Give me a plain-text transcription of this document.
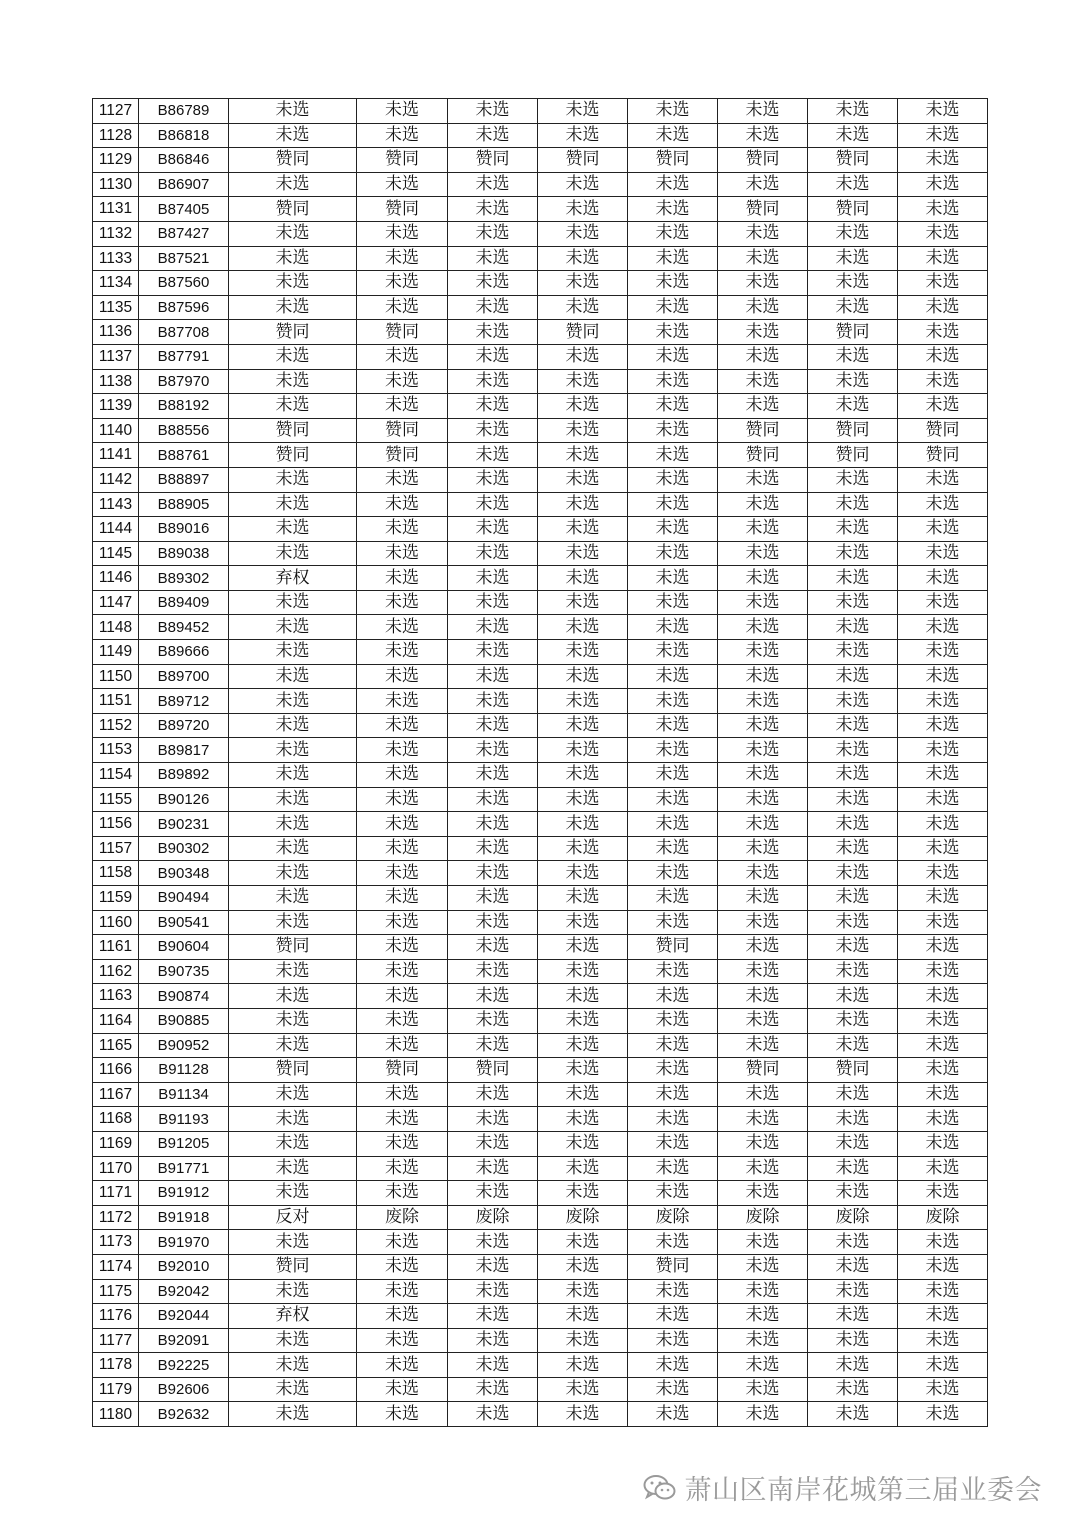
1127	B86789	未选	未选	未选	未选	未选	未选	未选	未选
1128	B86818	未选	未选	未选	未选	未选	未选	未选	未选
1129	B86846	赞同	赞同	赞同	赞同	赞同	赞同	赞同	未选
1130	B86907	未选	未选	未选	未选	未选	未选	未选	未选
1131	B87405	赞同	赞同	未选	未选	未选	赞同	赞同	未选
1132	B87427	未选	未选	未选	未选	未选	未选	未选	未选
1133	B87521	未选	未选	未选	未选	未选	未选	未选	未选
1134	B87560	未选	未选	未选	未选	未选	未选	未选	未选
1135	B87596	未选	未选	未选	未选	未选	未选	未选	未选
1136	B87708	赞同	赞同	未选	赞同	未选	未选	赞同	未选
1137	B87791	未选	未选	未选	未选	未选	未选	未选	未选
1138	B87970	未选	未选	未选	未选	未选	未选	未选	未选
1139	B88192	未选	未选	未选	未选	未选	未选	未选	未选
1140	B88556	赞同	赞同	未选	未选	未选	赞同	赞同	赞同
1141	B88761	赞同	赞同	未选	未选	未选	赞同	赞同	赞同
1142	B88897	未选	未选	未选	未选	未选	未选	未选	未选
1143	B88905	未选	未选	未选	未选	未选	未选	未选	未选
1144	B89016	未选	未选	未选	未选	未选	未选	未选	未选
1145	B89038	未选	未选	未选	未选	未选	未选	未选	未选
1146	B89302	弃权	未选	未选	未选	未选	未选	未选	未选
1147	B89409	未选	未选	未选	未选	未选	未选	未选	未选
1148	B89452	未选	未选	未选	未选	未选	未选	未选	未选
1149	B89666	未选	未选	未选	未选	未选	未选	未选	未选
1150	B89700	未选	未选	未选	未选	未选	未选	未选	未选
1151	B89712	未选	未选	未选	未选	未选	未选	未选	未选
1152	B89720	未选	未选	未选	未选	未选	未选	未选	未选
1153	B89817	未选	未选	未选	未选	未选	未选	未选	未选
1154	B89892	未选	未选	未选	未选	未选	未选	未选	未选
1155	B90126	未选	未选	未选	未选	未选	未选	未选	未选
1156	B90231	未选	未选	未选	未选	未选	未选	未选	未选
1157	B90302	未选	未选	未选	未选	未选	未选	未选	未选
1158	B90348	未选	未选	未选	未选	未选	未选	未选	未选
1159	B90494	未选	未选	未选	未选	未选	未选	未选	未选
1160	B90541	未选	未选	未选	未选	未选	未选	未选	未选
1161	B90604	赞同	未选	未选	未选	赞同	未选	未选	未选
1162	B90735	未选	未选	未选	未选	未选	未选	未选	未选
1163	B90874	未选	未选	未选	未选	未选	未选	未选	未选
1164	B90885	未选	未选	未选	未选	未选	未选	未选	未选
1165	B90952	未选	未选	未选	未选	未选	未选	未选	未选
1166	B91128	赞同	赞同	赞同	未选	未选	赞同	赞同	未选
1167	B91134	未选	未选	未选	未选	未选	未选	未选	未选
1168	B91193	未选	未选	未选	未选	未选	未选	未选	未选
1169	B91205	未选	未选	未选	未选	未选	未选	未选	未选
1170	B91771	未选	未选	未选	未选	未选	未选	未选	未选
1171	B91912	未选	未选	未选	未选	未选	未选	未选	未选
1172	B91918	反对	废除	废除	废除	废除	废除	废除	废除
1173	B91970	未选	未选	未选	未选	未选	未选	未选	未选
1174	B92010	赞同	未选	未选	未选	赞同	未选	未选	未选
1175	B92042	未选	未选	未选	未选	未选	未选	未选	未选
1176	B92044	弃权	未选	未选	未选	未选	未选	未选	未选
1177	B92091	未选	未选	未选	未选	未选	未选	未选	未选
1178	B92225	未选	未选	未选	未选	未选	未选	未选	未选
1179	B92606	未选	未选	未选	未选	未选	未选	未选	未选
1180	B92632	未选	未选	未选	未选	未选	未选	未选	未选
萧山区南岸花城第三届业委会
